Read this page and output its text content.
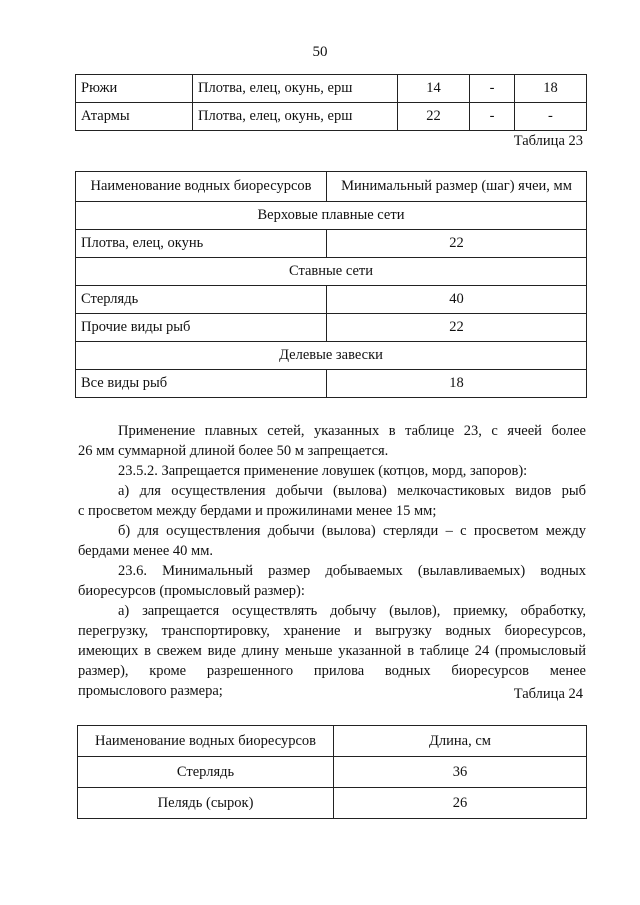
50
Рюжи	Плотва, елец, окунь, ерш	14	-	18
Атармы	Плотва, елец, окунь, ерш	22	-	-
Таблица 23
Наименование водных биоресурсов	Минимальный размер (шаг) ячеи, мм
Верховые плавные сети	
Плотва, елец, окунь	22
Ставные сети	
Стерлядь	40
Прочие виды рыб	22
Делевые завески	
Все виды рыб	18

Применение плавных сетей, указанных в таблице 23, с ячеей более

26 мм суммарной длиной более 50 м запрещается.

23.5.2. Запрещается применение ловушек (котцов, морд, запоров):

а) для осуществления добычи (вылова) мелкочастиковых видов рыб

с просветом между бердами и прожилинами менее 15 мм;

б) для осуществления добычи (вылова) стерляди – с просветом между

бердами менее 40 мм.

23.6. Минимальный размер добываемых (вылавливаемых) водных

биоресурсов (промысловый размер):

а) запрещается осуществлять добычу (вылов), приемку, обработку,

перегрузку, транспортировку, хранение и выгрузку водных биоресурсов,

имеющих в свежем виде длину меньше указанной в таблице 24 (промысловый

размер), кроме разрешенного прилова водных биоресурсов менее

промыслового размера;	Таблица 24
Наименование водных биоресурсов	Длина, см
Стерлядь	36
Пелядь (сырок)	26
